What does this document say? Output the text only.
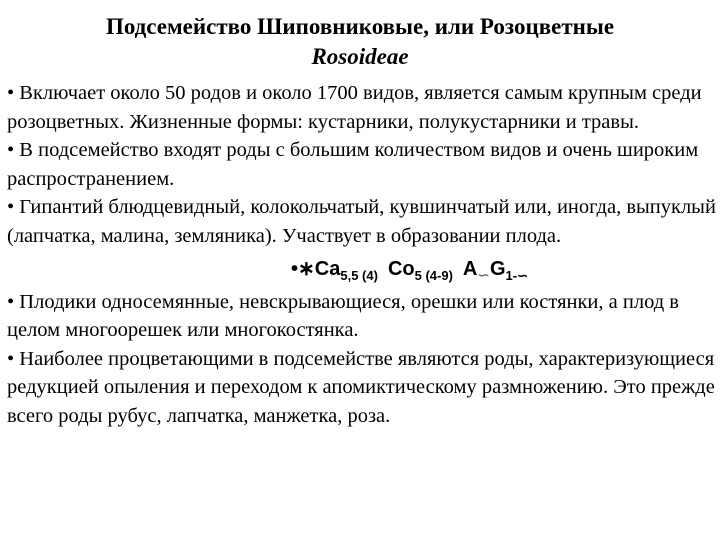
Подсемейство Шиповниковые, или Розоцветные
Rosoideae

• Включает около 50 родов и около 1700 видов, является самым крупным среди розоцветных. Жизненные формы: кустарники, полукустарники и травы.

• В подсемейство входят роды с большим количеством видов и очень широким распространением.

• Гипантий блюдцевидный, колокольчатый, кувшинчатый или, иногда, выпуклый (лапчатка, малина, земляника). Участвует в образовании плода.

$•∗Ca_{5,5 (4)}$ $Co_{5 (4-9)}$ $A_∽G_{1-∽}$

• Плодики односемянные, невскрывающиеся, орешки или костянки, а плод в целом многоорешек или многокостянка.

• Наиболее процветающими в подсемействе являются роды, характеризующиеся редукцией опыления и переходом к апомиктическому размножению. Это прежде всего роды рубус, лапчатка, манжетка, роза.
